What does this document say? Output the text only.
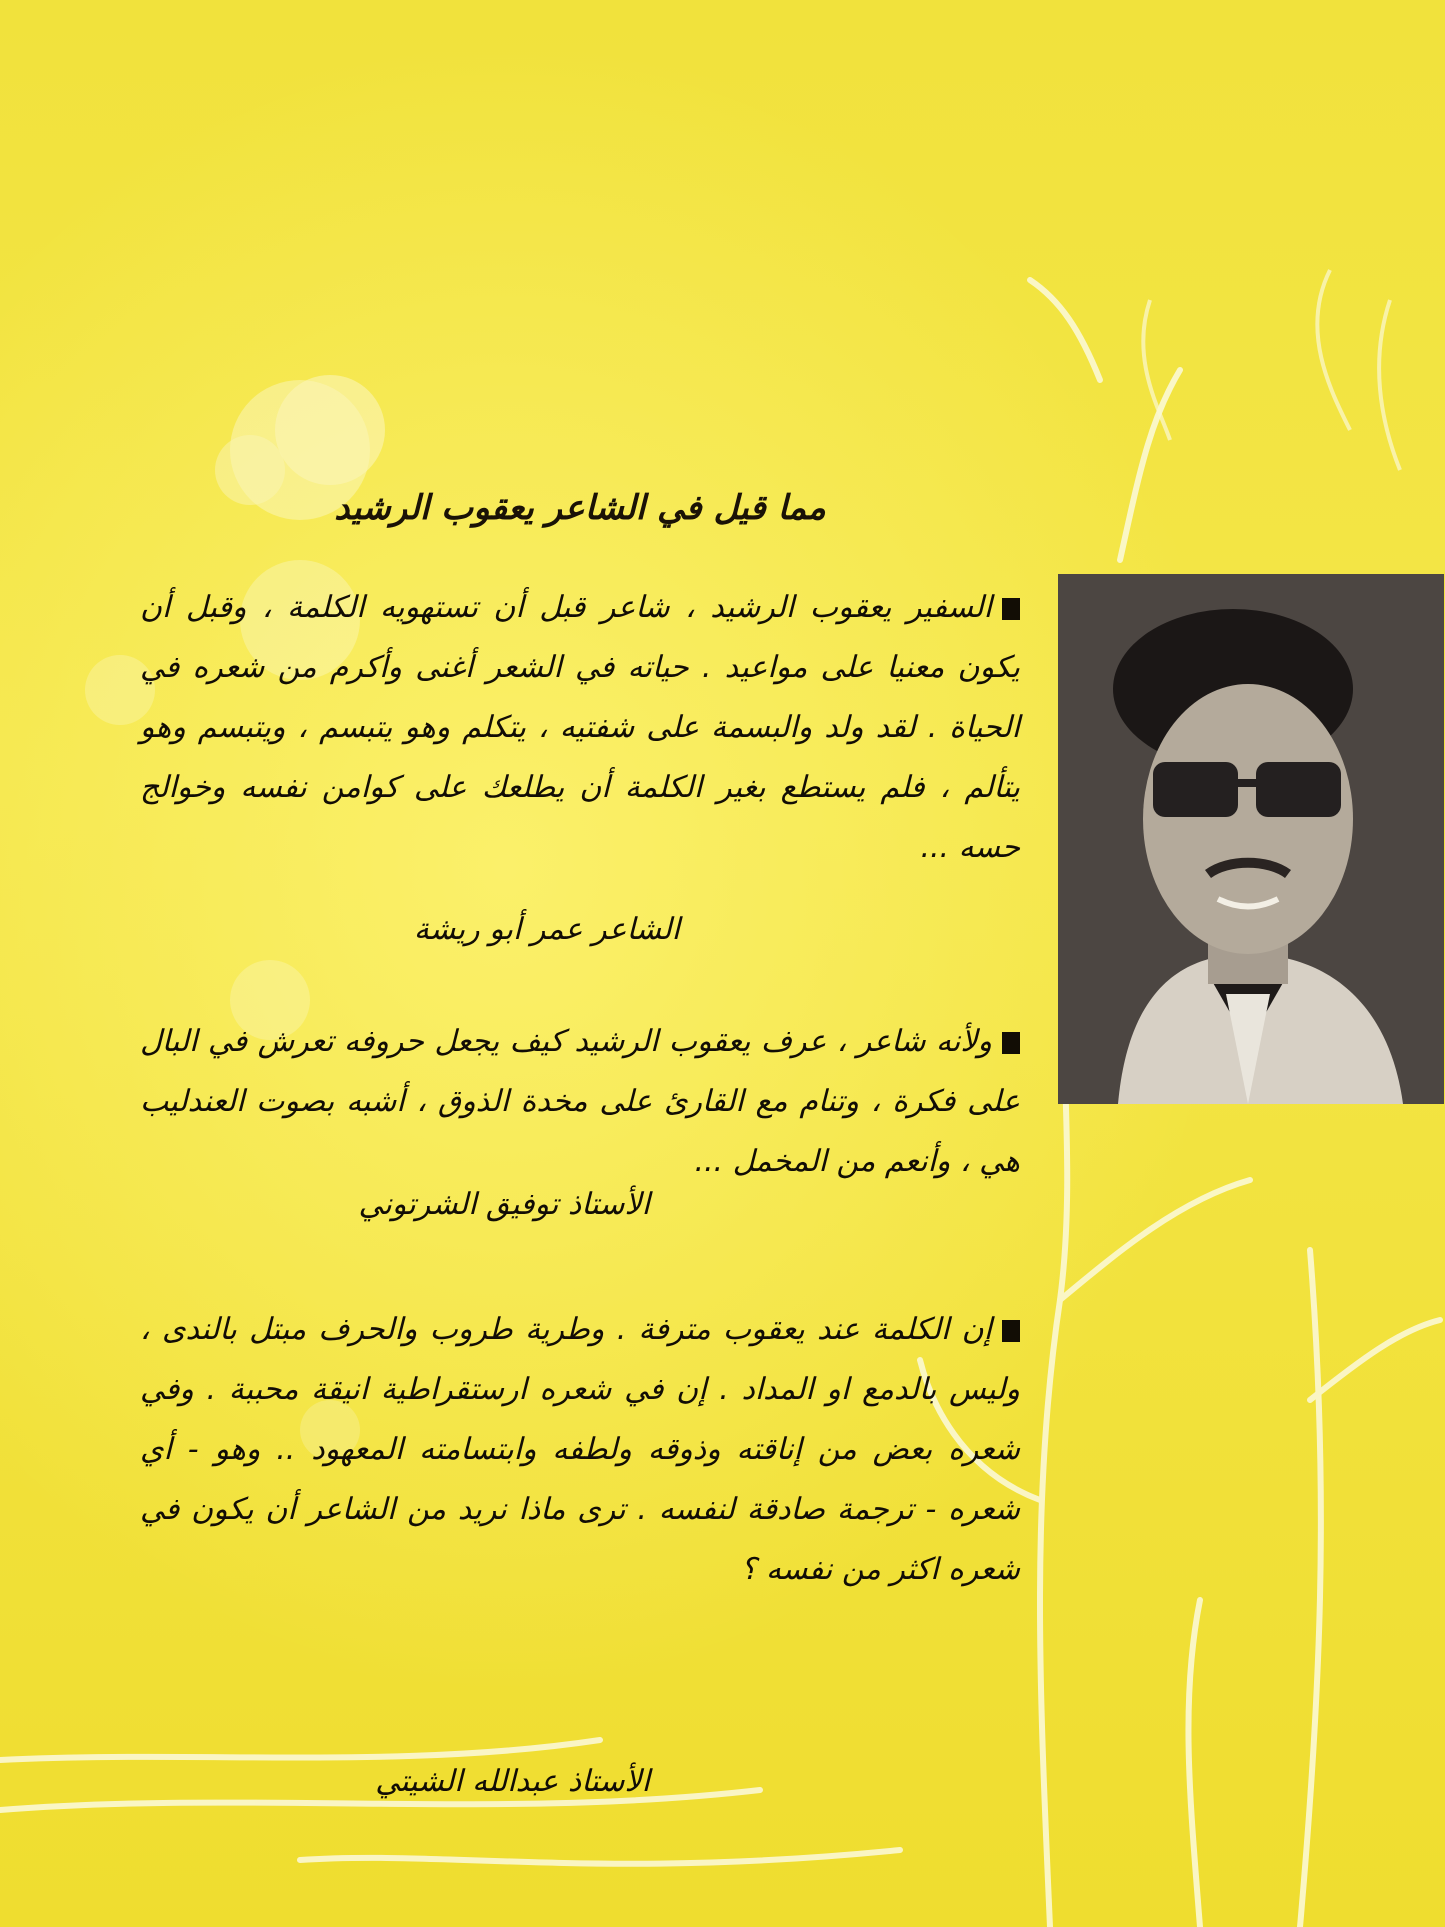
مما قيل في الشاعر يعقوب الرشيد

السفير يعقوب الرشيد ، شاعر قبل أن تستهويه الكلمة ، وقبل أن يكون معنيا على مواعيد . حياته في الشعر أغنى وأكرم من شعره في الحياة . لقد ولد والبسمة على شفتيه ، يتكلم وهو يتبسم ، ويتبسم وهو يتألم ، فلم يستطع بغير الكلمة أن يطلعك على كوامن نفسه وخوالج حسه ...

الشاعر عمر أبو ريشة

ولأنه شاعر ، عرف يعقوب الرشيد كيف يجعل حروفه تعرش في البال على فكرة ، وتنام مع القارئ على مخدة الذوق ، أشبه بصوت العندليب هي ، وأنعم من المخمل ...

الأستاذ توفيق الشرتوني

إن الكلمة عند يعقوب مترفة . وطرية طروب والحرف مبتل بالندى ، وليس بالدمع او المداد . إن في شعره ارستقراطية انيقة محببة . وفي شعره بعض من إناقته وذوقه ولطفه وابتسامته المعهود .. وهو - أي شعره - ترجمة صادقة لنفسه . ترى ماذا نريد من الشاعر أن يكون في شعره اكثر من نفسه ؟

الأستاذ عبدالله الشيتي
